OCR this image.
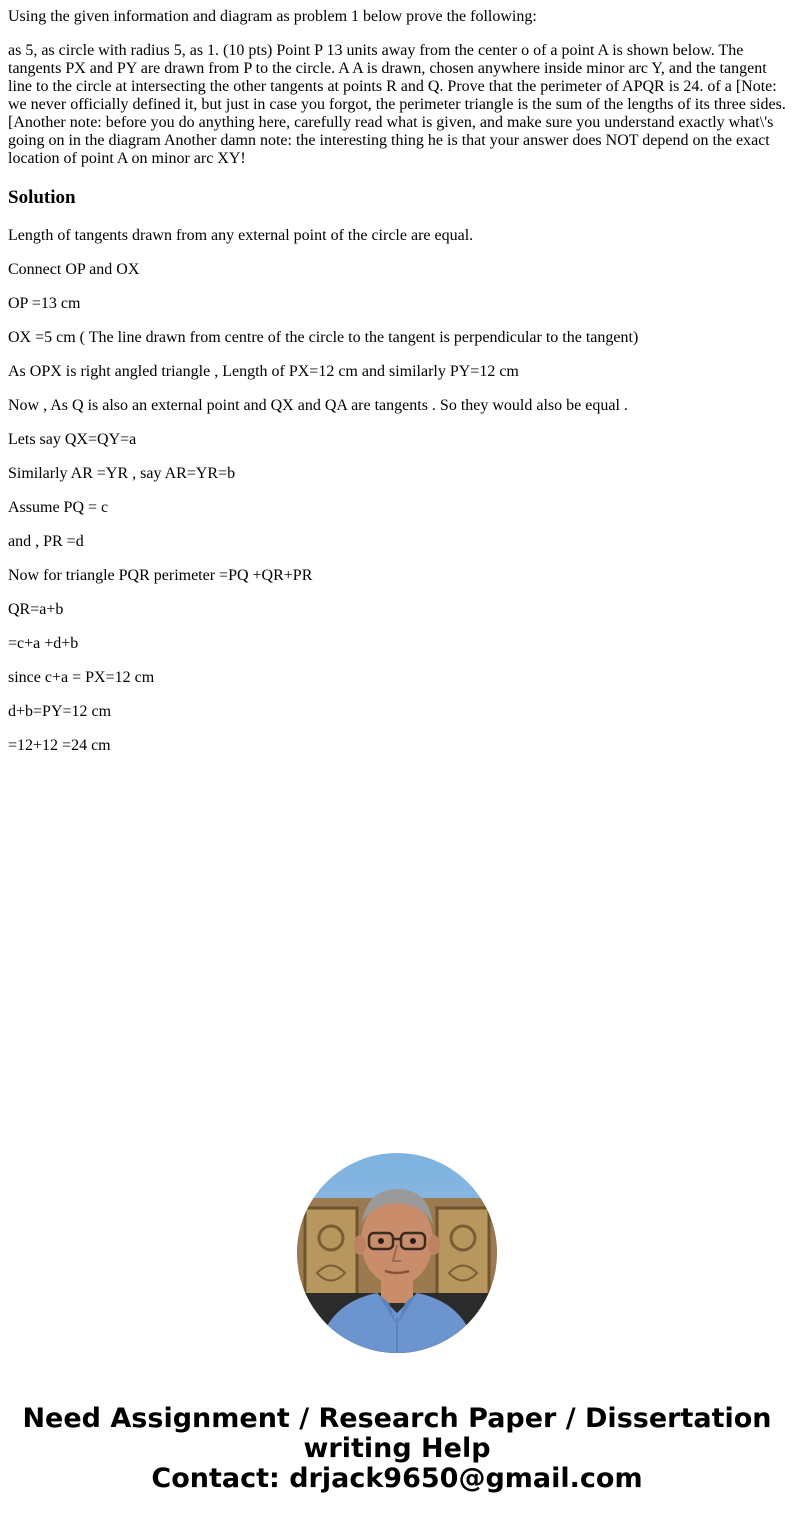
Using the given information and diagram as problem 1 below prove the following:

as 5, as circle with radius 5, as 1. (10 pts) Point P 13 units away from the center o of a point A is shown below. The tangents PX and PY are drawn from P to the circle. A A is drawn, chosen anywhere inside minor arc Y, and the tangent line to the circle at intersecting the other tangents at points R and Q. Prove that the perimeter of APQR is 24. of a [Note: we never officially defined it, but just in case you forgot, the perimeter triangle is the sum of the lengths of its three sides. [Another note: before you do anything here, carefully read what is given, and make sure you understand exactly what\'s going on in the diagram Another damn note: the interesting thing he is that your answer does NOT depend on the exact location of point A on minor arc XY!

Solution

Length of tangents drawn from any external point of the circle are equal.

Connect OP and OX

OP =13 cm

OX =5 cm ( The line drawn from centre of the circle to the tangent is perpendicular to the tangent)

As OPX is right angled triangle , Length of PX=12 cm and similarly PY=12 cm

Now , As Q is also an external point and QX and QA are tangents . So they would also be equal .

Lets say QX=QY=a

Similarly AR =YR , say AR=YR=b

Assume PQ = c

and , PR =d

Now for triangle PQR perimeter =PQ +QR+PR

QR=a+b

=c+a +d+b

since c+a = PX=12 cm

d+b=PY=12 cm

=12+12 =24 cm

Need Assignment / Research Paper / Dissertation
writing Help
Contact: drjack9650@gmail.com
